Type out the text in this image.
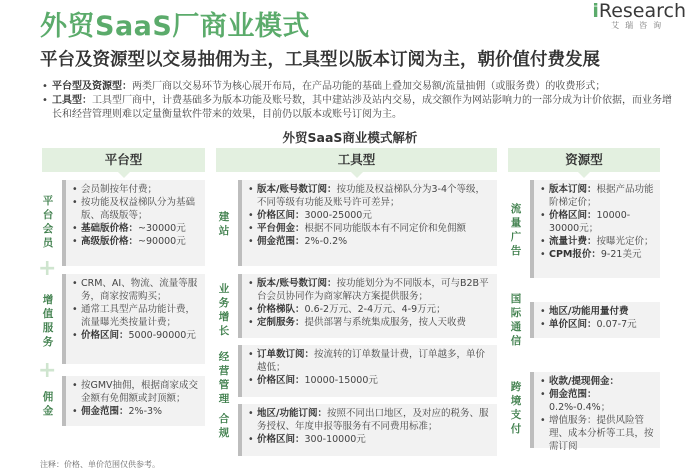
外贸SaaS厂商业模式	iResearch
艾瑞咨询
平台及资源型以交易抽佣为主，工具型以版本订阅为主，朝价值付费发展
• 平台型及资源型：两类厂商以交易环节为核心展开布局，在产品功能的基础上叠加交易额/流量抽佣（或服务费）的收费形式；
• 工具型：工具型厂商中，计费基础多为版本功能及账号数，其中建站涉及站内交易，成交额作为网站影响力的一部分成为计价依据，而业务增长和经营管理则难以定量衡量软件带来的效果，目前仍以版本或账号订阅为主。
外贸SaaS商业模式解析
平台型	工具型	资源型
平台会员
• 会员制按年付费；
• 按功能及权益梯队分为基础版、高级版等；
• 基础版价格：~30000元
• 高级版价格：~90000元
+
增值服务
• CRM、AI、物流、流量等服务，商家按需购买；
• 通常工具型产品功能计费，流量曝光类按量计费；
• 价格区间：5000-90000元
+
佣金
• 按GMV抽佣，根据商家成交金额有免佣额或封顶额；
• 佣金范围：2%-3%
建站
• 版本/账号数订阅：按功能及权益梯队分为3-4个等级，不同等级有功能及账号许可差异；
• 价格区间：3000-25000元
• 平台佣金：根据不同功能版本有不同定价和免佣额
• 佣金范围：2%-0.2%
业务增长
• 版本/账号数订阅：按功能划分为不同版本，可与B2B平台会员协同作为商家解决方案提供服务；
• 价格梯队：0.6-2万元、2-4万元、4-9万元；
• 定制服务：提供部署与系统集成服务，按人天收费
经营管理
• 订单数订阅：按流转的订单数量计费，订单越多，单价越低；
• 价格区间：10000-15000元
合规
• 地区/功能订阅：按照不同出口地区，及对应的税务、服务授权、年度申报等服务有不同费用标准；
• 价格区间：300-10000元
流量广告
• 版本订阅：根据产品功能阶梯定价；
• 价格区间：10000-30000元；
• 流量计费：按曝光定价；
• CPM报价：9-21美元
国际通信
• 地区/功能用量付费
• 单价区间：0.07-7元
跨境支付
• 收款/提现佣金：
• 佣金范围：0.2%-0.4%；
• 增值服务：提供风险管理、成本分析等工具，按需订阅
注释：价格、单价范围仅供参考。
